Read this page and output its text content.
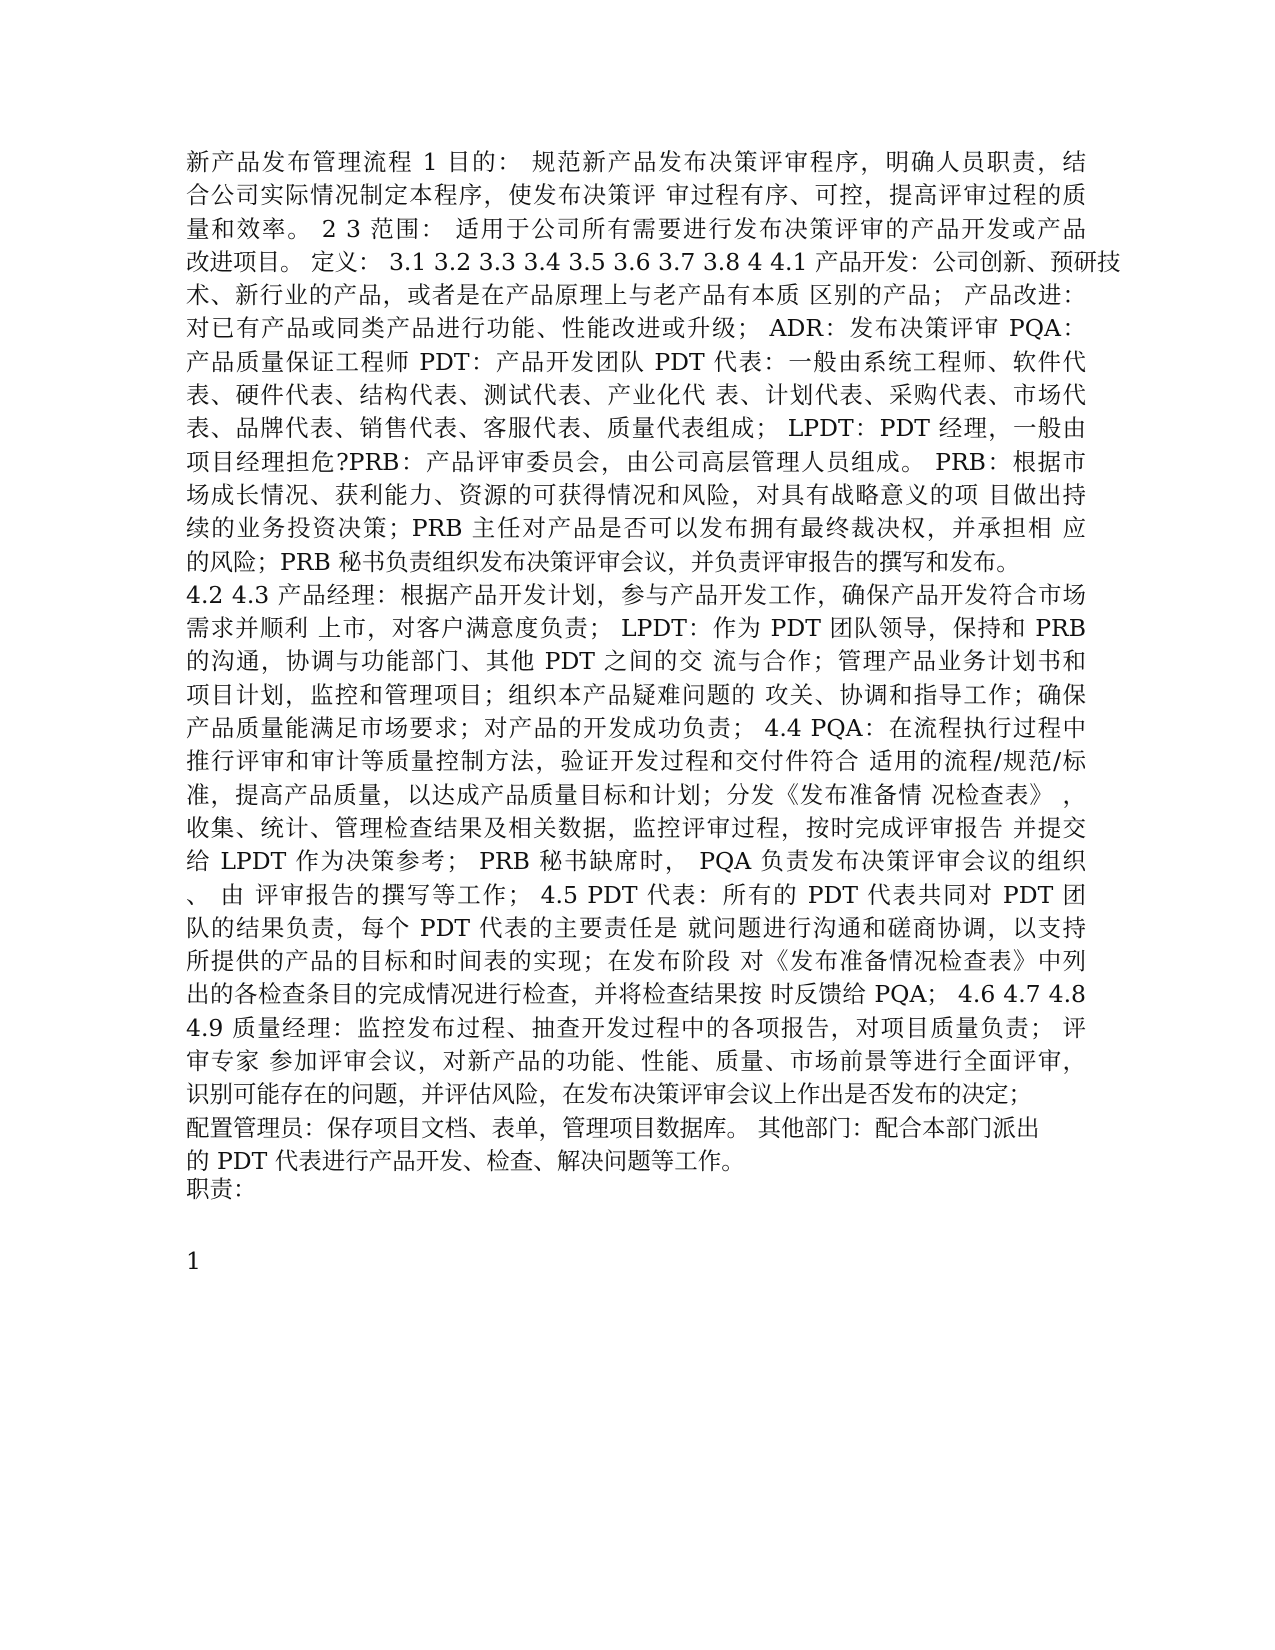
新产品发布管理流程 1 目的： 规范新产品发布决策评审程序，明确人员职责，结
合公司实际情况制定本程序，使发布决策评 审过程有序、可控，提高评审过程的质
量和效率。 2 3 范围： 适用于公司所有需要进行发布决策评审的产品开发或产品
改进项目。 定义： 3.1 3.2 3.3 3.4 3.5 3.6 3.7 3.8 4 4.1 产品开发：公司创新、预研技
术、新行业的产品，或者是在产品原理上与老产品有本质 区别的产品； 产品改进：
对已有产品或同类产品进行功能、性能改进或升级； ADR：发布决策评审 PQA：
产品质量保证工程师 PDT：产品开发团队 PDT 代表：一般由系统工程师、软件代
表、硬件代表、结构代表、测试代表、产业化代 表、计划代表、采购代表、市场代
表、品牌代表、销售代表、客服代表、质量代表组成； LPDT：PDT 经理，一般由
项目经理担危?PRB：产品评审委员会，由公司高层管理人员组成。 PRB：根据市
场成长情况、获利能力、资源的可获得情况和风险，对具有战略意义的项 目做出持
续的业务投资决策；PRB 主任对产品是否可以发布拥有最终裁决权，并承担相 应
的风险；PRB 秘书负责组织发布决策评审会议，并负责评审报告的撰写和发布。
4.2 4.3 产品经理：根据产品开发计划，参与产品开发工作，确保产品开发符合市场
需求并顺利 上市，对客户满意度负责； LPDT：作为 PDT 团队领导，保持和 PRB
的沟通，协调与功能部门、其他 PDT 之间的交 流与合作；管理产品业务计划书和
项目计划，监控和管理项目；组织本产品疑难问题的 攻关、协调和指导工作；确保
产品质量能满足市场要求；对产品的开发成功负责； 4.4 PQA：在流程执行过程中
推行评审和审计等质量控制方法，验证开发过程和交付件符合 适用的流程/规范/标
准，提高产品质量，以达成产品质量目标和计划；分发《发布准备情 况检查表》 ，
收集、统计、管理检查结果及相关数据，监控评审过程，按时完成评审报告 并提交
给 LPDT 作为决策参考； PRB 秘书缺席时， PQA 负责发布决策评审会议的组织
、 由 评审报告的撰写等工作； 4.5 PDT 代表：所有的 PDT 代表共同对 PDT 团
队的结果负责，每个 PDT 代表的主要责任是 就问题进行沟通和磋商协调，以支持
所提供的产品的目标和时间表的实现；在发布阶段 对《发布准备情况检查表》中列
出的各检查条目的完成情况进行检查，并将检查结果按 时反馈给 PQA； 4.6 4.7 4.8
4.9 质量经理：监控发布过程、抽查开发过程中的各项报告，对项目质量负责； 评
审专家 参加评审会议，对新产品的功能、性能、质量、市场前景等进行全面评审，
识别可能存在的问题，并评估风险，在发布决策评审会议上作出是否发布的决定；
配置管理员：保存项目文档、表单，管理项目数据库。 其他部门：配合本部门派出
的 PDT 代表进行产品开发、检查、解决问题等工作。
职责：
1
